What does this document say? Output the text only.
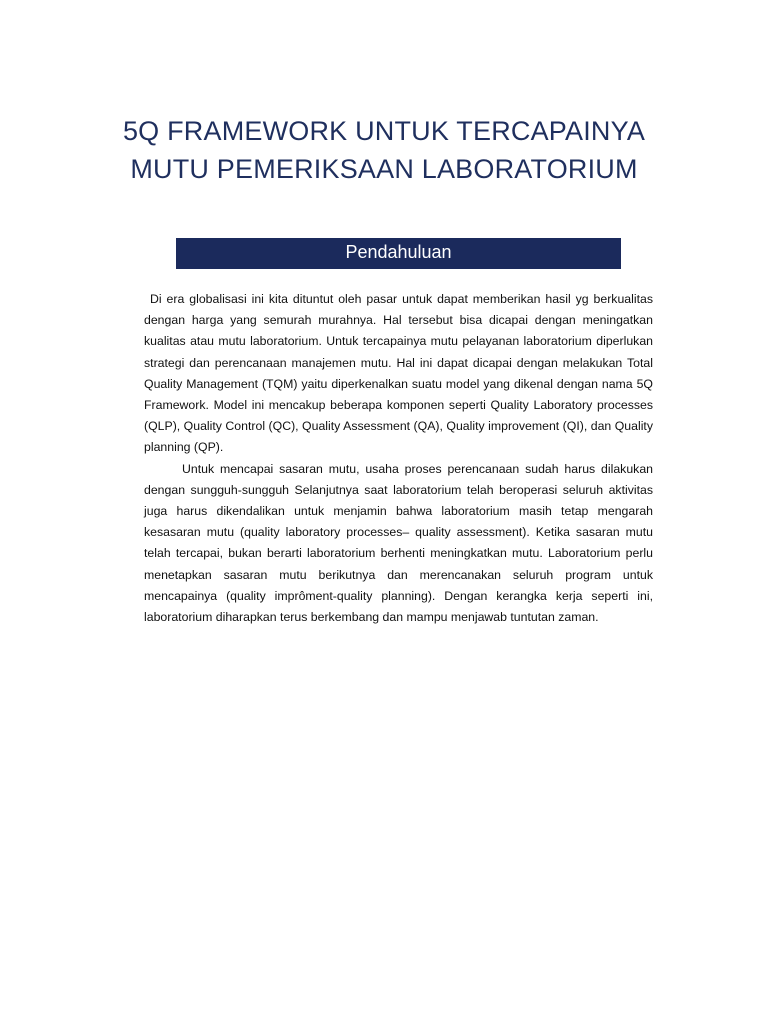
5Q FRAMEWORK UNTUK TERCAPAINYA
MUTU PEMERIKSAAN LABORATORIUM
Pendahuluan

Di era globalisasi ini kita dituntut oleh pasar untuk dapat memberikan hasil yg berkualitas dengan harga yang semurah murahnya. Hal tersebut bisa dicapai dengan meningatkan kualitas atau mutu laboratorium. Untuk tercapainya mutu pelayanan laboratorium diperlukan strategi dan perencanaan manajemen mutu. Hal ini dapat dicapai dengan melakukan Total Quality Management (TQM) yaitu diperkenalkan suatu model yang dikenal dengan nama 5Q Framework. Model ini mencakup beberapa komponen seperti Quality Laboratory processes (QLP), Quality Control (QC), Quality Assessment (QA), Quality improvement (QI), dan Quality planning (QP).

Untuk mencapai sasaran mutu, usaha proses perencanaan sudah harus dilakukan dengan sungguh-sungguh Selanjutnya saat laboratorium telah beroperasi seluruh aktivitas juga harus dikendalikan untuk menjamin bahwa laboratorium masih tetap mengarah kesasaran mutu (quality laboratory processes– quality assessment). Ketika sasaran mutu telah tercapai, bukan berarti laboratorium berhenti meningkatkan mutu. Laboratorium perlu menetapkan sasaran mutu berikutnya dan merencanakan seluruh program untuk mencapainya (quality imprôment-quality planning). Dengan kerangka kerja seperti ini, laboratorium diharapkan terus berkembang dan mampu menjawab tuntutan zaman.
